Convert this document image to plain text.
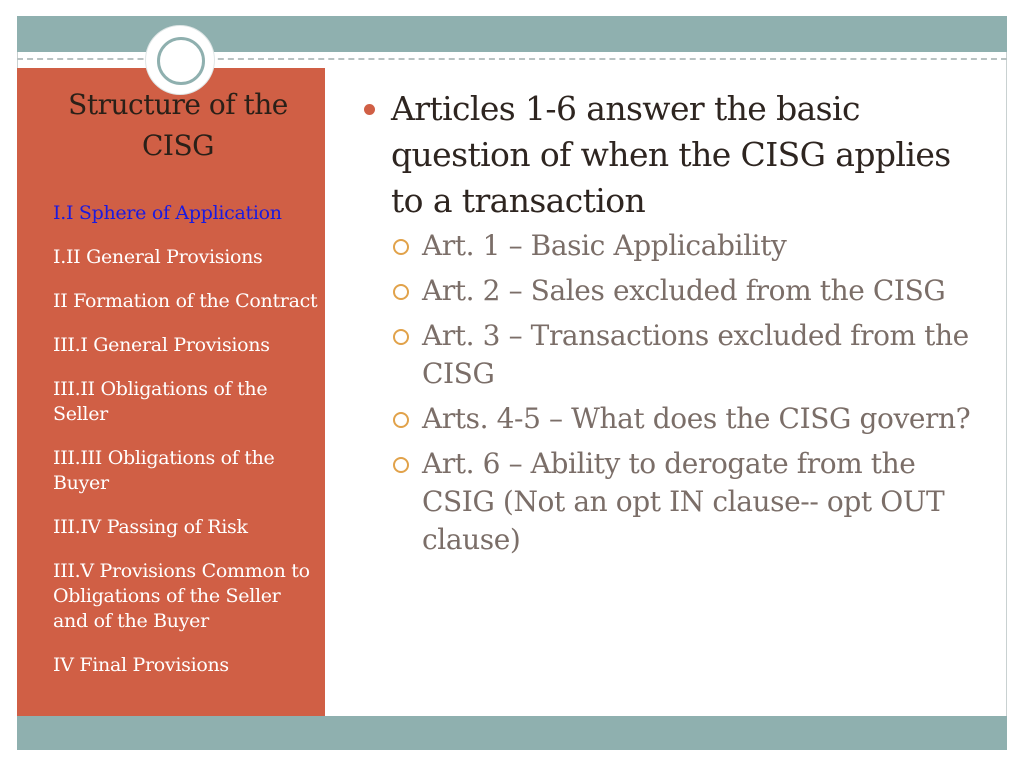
Structure of the CISG
I.I Sphere of Application
I.II General Provisions
II Formation of the Contract
III.I General Provisions
III.II Obligations of the Seller
III.III Obligations of the Buyer
III.IV Passing of Risk
III.V Provisions Common to Obligations of the Seller and of the Buyer
IV Final Provisions
Articles 1-6 answer the basic question of when the CISG applies to a transaction
Art. 1 – Basic Applicability
Art. 2 – Sales excluded from the CISG
Art. 3 – Transactions excluded from the CISG
Arts. 4-5 – What does the CISG govern?
Art. 6 – Ability to derogate from the CSIG (Not an opt IN clause-- opt OUT clause)
